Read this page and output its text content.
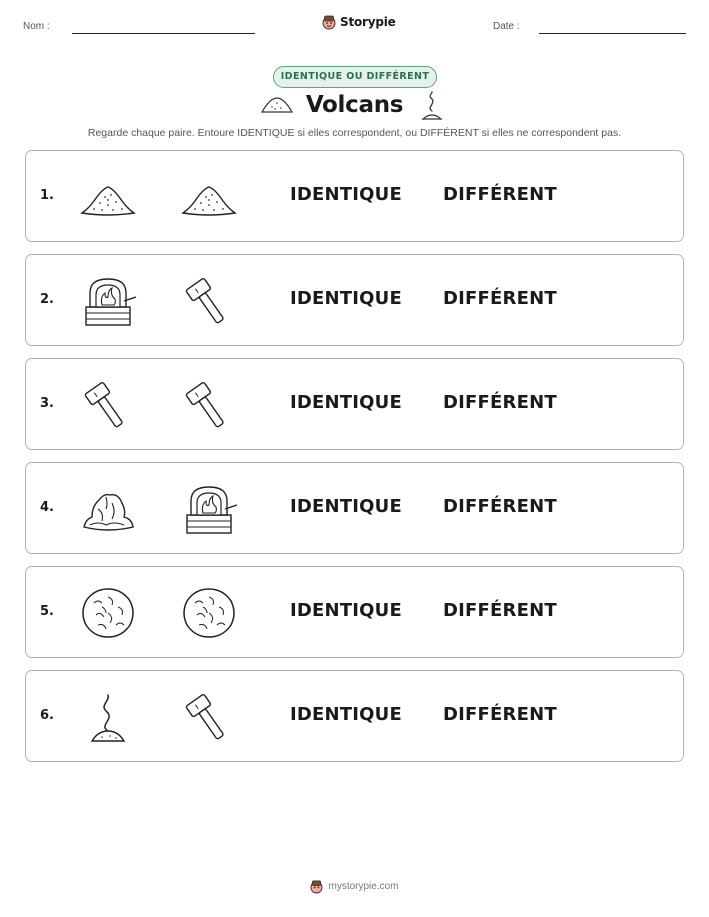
Nom :	Storypie	Date :
IDENTIQUE OU DIFFÉRENT
Volcans
Regarde chaque paire. Entoure IDENTIQUE si elles correspondent, ou DIFFÉRENT si elles ne correspondent pas.
1.	IDENTIQUE DIFFÉRENT
2.	IDENTIQUE DIFFÉRENT
3.	IDENTIQUE DIFFÉRENT
4.	IDENTIQUE DIFFÉRENT
5.	IDENTIQUE DIFFÉRENT
6.	IDENTIQUE DIFFÉRENT
mystorypie.com
